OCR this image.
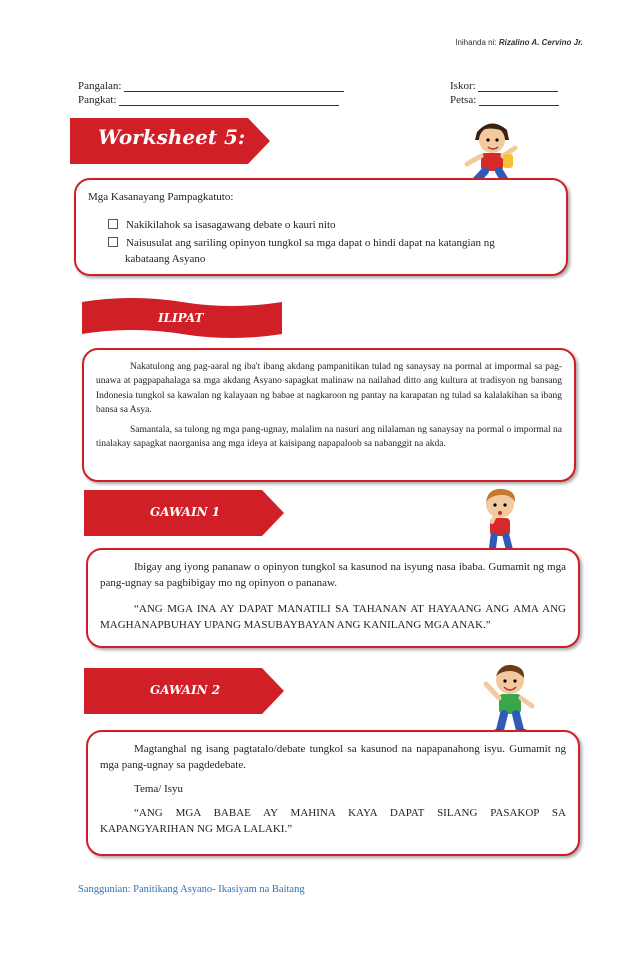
Inihanda ni: Rizalino A. Cervino Jr.
Pangalan:
Pangkat:
Iskor:
Petsa:
Worksheet 5:

Mga Kasanayang Pampagkatuto:

Nakikilahok sa isasagawang debate o kauri nito
Naisusulat ang sariling opinyon tungkol sa mga dapat o hindi dapat na katangian ng kabataang Asyano
ILIPAT

Nakatulong ang pag-aaral ng iba't ibang akdang pampanitikan tulad ng sanaysay na pormal at impormal sa pag-unawa at pagpapahalaga sa mga akdang Asyano sapagkat malinaw na nailahad ditto ang kultura at tradisyon ng bansang Indonesia tungkol sa kawalan ng kalayaan ng babae at nagkaroon ng pantay na karapatan ng tulad sa kalalakihan sa ibang bansa sa Asya.

Samantala, sa tulong ng mga pang-ugnay, malalim na nasuri ang nilalaman ng sanaysay na pormal o impormal na tinalakay sapagkat naorganisa ang mga ideya at kaisipang napapaloob sa nabanggit na akda.

GAWAIN 1

Ibigay ang iyong pananaw o opinyon tungkol sa kasunod na isyung nasa ibaba. Gumamit ng mga pang-ugnay sa pagbibigay mo ng opinyon o pananaw.

“ANG MGA INA AY DAPAT MANATILI SA TAHANAN AT HAYAANG ANG AMA ANG MAGHANAPBUHAY UPANG MASUBAYBAYAN ANG KANILANG MGA ANAK.”

GAWAIN 2

Magtanghal ng isang pagtatalo/debate tungkol sa kasunod na napapanahong isyu. Gumamit ng mga pang-ugnay sa pagdedebate.

Tema/ Isyu

“ANG MGA BABAE AY MAHINA KAYA DAPAT SILANG PASAKOP SA KAPANGYARIHAN NG MGA LALAKI.”

Sanggunian: Panitikang Asyano- Ikasiyam na Baitang
